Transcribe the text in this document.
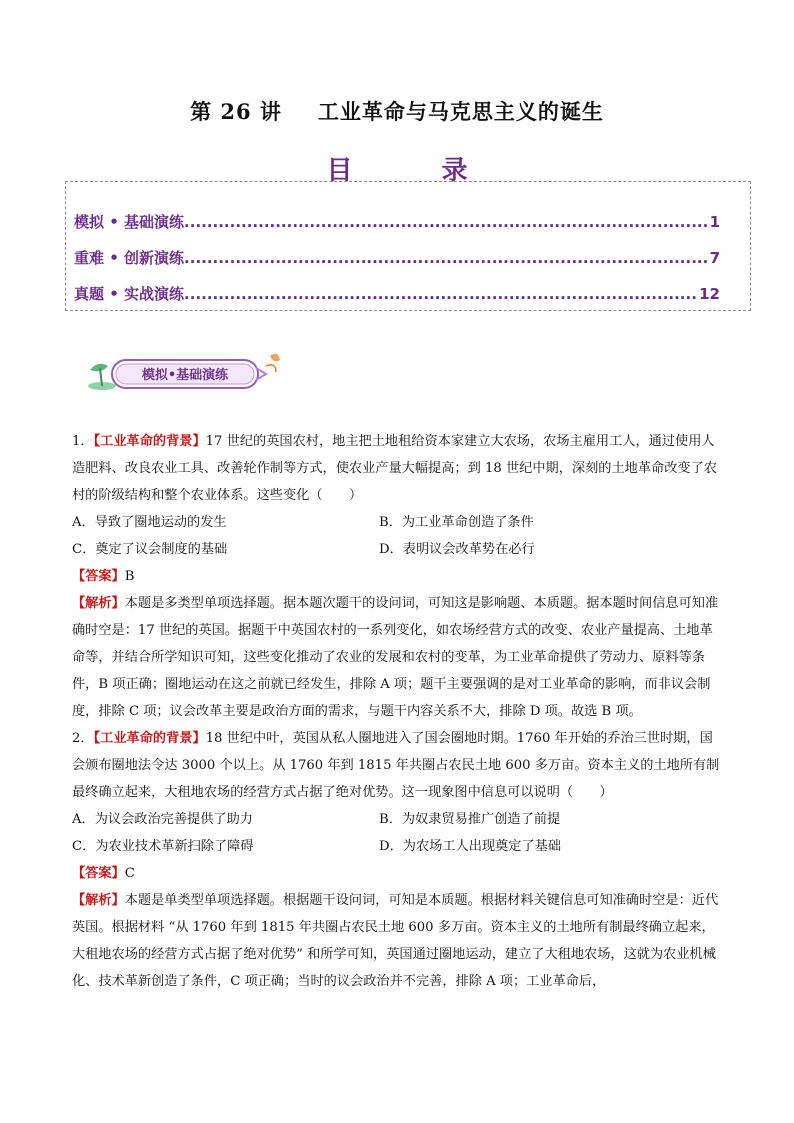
第 26 讲 工业革命与马克思主义的诞生
目 录
模拟 • 基础演练 .....	1
重难 • 创新演练 .....	7
真题 • 实战演练 .....	12
模拟•基础演练

1．【工业革命的背景】17 世纪的英国农村，地主把土地租给资本家建立大农场，农场主雇用工人，通过使用人造肥料、改良农业工具、改善轮作制等方式，使农业产量大幅提高；到 18 世纪中期，深刻的土地革命改变了农村的阶级结构和整个农业体系。这些变化（　　）

A．导致了圈地运动的发生	B．为工业革命创造了条件
C．奠定了议会制度的基础	D．表明议会改革势在必行

【答案】B

【解析】本题是多类型单项选择题。据本题次题干的设问词，可知这是影响题、本质题。据本题时间信息可知准确时空是：17 世纪的英国。据题干中英国农村的一系列变化，如农场经营方式的改变、农业产量提高、土地革命等，并结合所学知识可知，这些变化推动了农业的发展和农村的变革，为工业革命提供了劳动力、原料等条件，B 项正确；圈地运动在这之前就已经发生，排除 A 项；题干主要强调的是对工业革命的影响，而非议会制度，排除 C 项；议会改革主要是政治方面的需求，与题干内容关系不大，排除 D 项。故选 B 项。

2．【工业革命的背景】18 世纪中叶，英国从私人圈地进入了国会圈地时期。1760 年开始的乔治三世时期，国会颁布圈地法令达 3000 个以上。从 1760 年到 1815 年共圈占农民土地 600 多万亩。资本主义的土地所有制最终确立起来，大租地农场的经营方式占据了绝对优势。这一现象图中信息可以说明（　　）

A．为议会政治完善提供了助力	B．为奴隶贸易推广创造了前提
C．为农业技术革新扫除了障碍	D．为农场工人出现奠定了基础

【答案】C

【解析】本题是单类型单项选择题。根据题干设问词，可知是本质题。根据材料关键信息可知准确时空是：近代英国。根据材料 “从 1760 年到 1815 年共圈占农民土地 600 多万亩。资本主义的土地所有制最终确立起来，大租地农场的经营方式占据了绝对优势” 和所学可知，英国通过圈地运动，建立了大租地农场，这就为农业机械化、技术革新创造了条件，C 项正确；当时的议会政治并不完善，排除 A 项；工业革命后，
